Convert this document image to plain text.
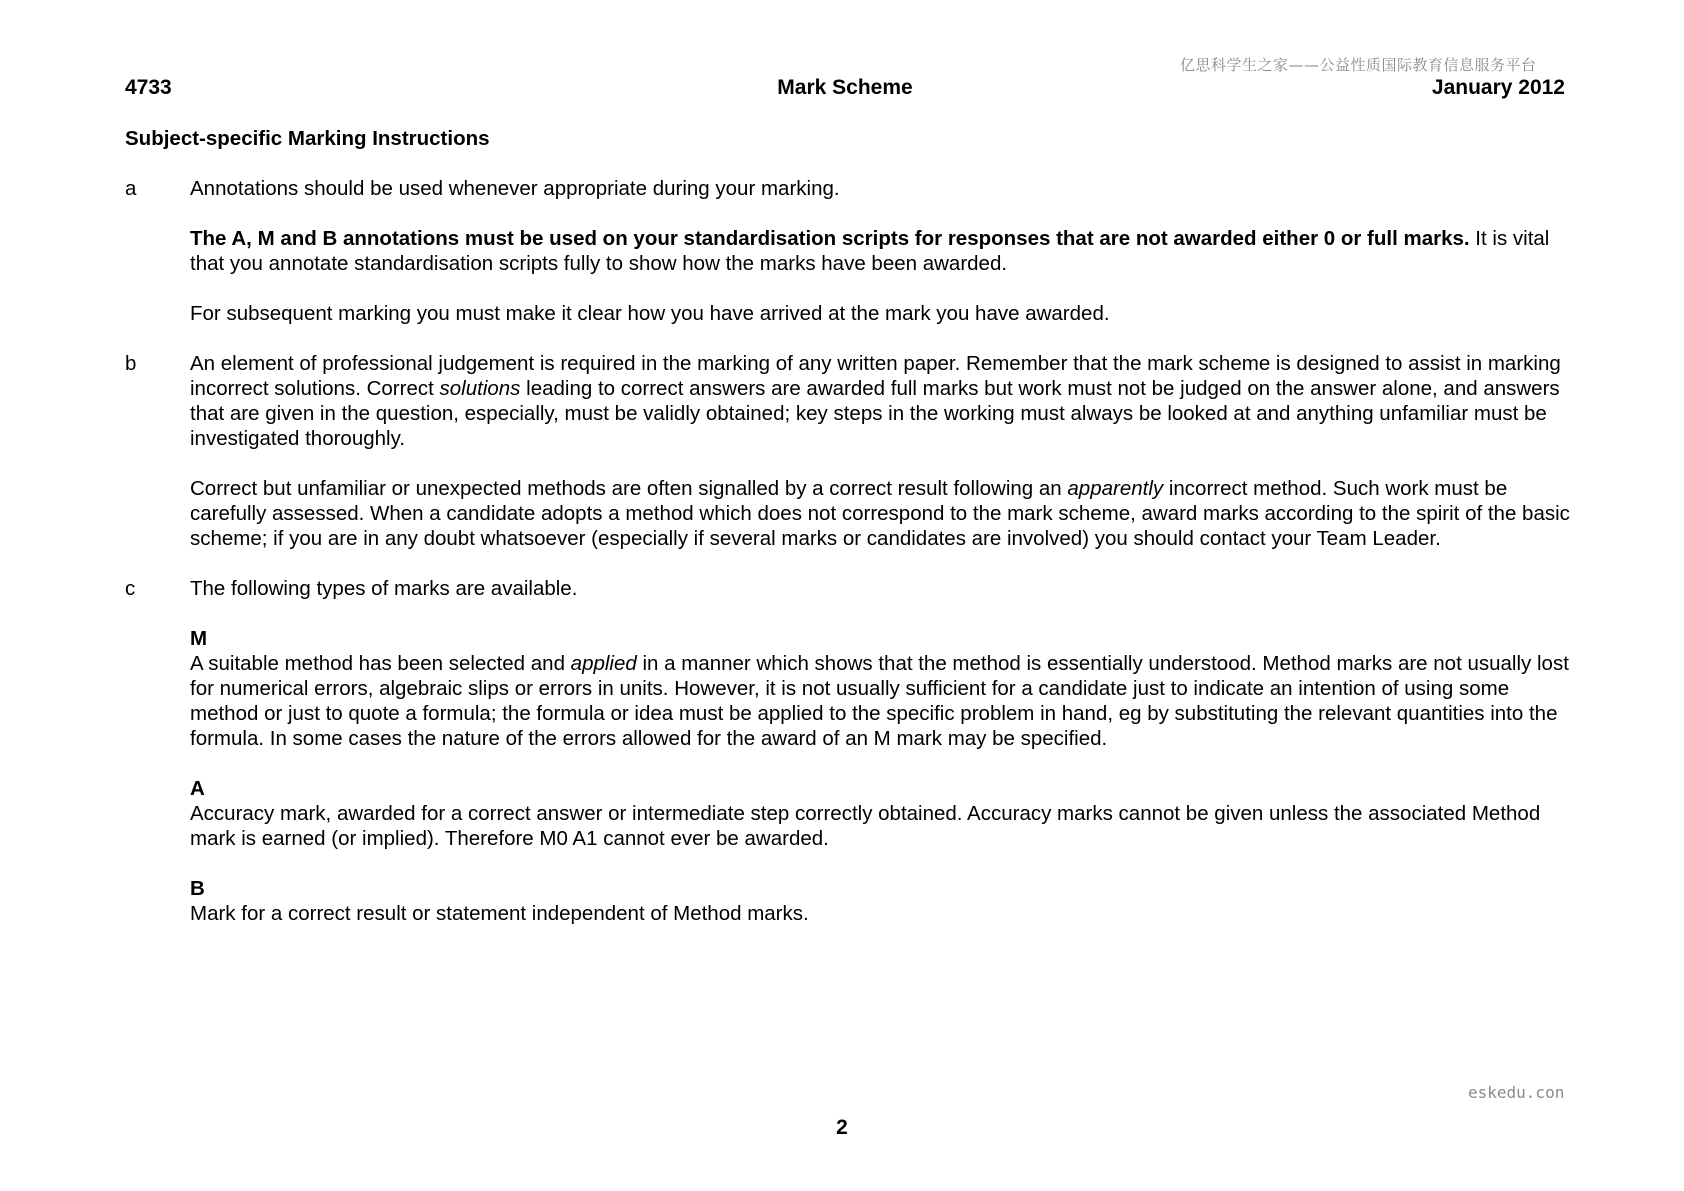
亿思科学生之家——公益性质国际教育信息服务平台
Mark Scheme
4733	January 2012

Subject-specific Marking Instructions

a	Annotations should be used whenever appropriate during your marking.

The A, M and B annotations must be used on your standardisation scripts for responses that are not awarded either 0 or full marks. It is vital that you annotate standardisation scripts fully to show how the marks have been awarded.

For subsequent marking you must make it clear how you have arrived at the mark you have awarded.

b	An element of professional judgement is required in the marking of any written paper. Remember that the mark scheme is designed to assist in marking incorrect solutions. Correct solutions leading to correct answers are awarded full marks but work must not be judged on the answer alone, and answers that are given in the question, especially, must be validly obtained; key steps in the working must always be looked at and anything unfamiliar must be investigated thoroughly.

Correct but unfamiliar or unexpected methods are often signalled by a correct result following an apparently incorrect method. Such work must be carefully assessed. When a candidate adopts a method which does not correspond to the mark scheme, award marks according to the spirit of the basic scheme; if you are in any doubt whatsoever (especially if several marks or candidates are involved) you should contact your Team Leader.

c	The following types of marks are available.

M

A suitable method has been selected and applied in a manner which shows that the method is essentially understood. Method marks are not usually lost for numerical errors, algebraic slips or errors in units. However, it is not usually sufficient for a candidate just to indicate an intention of using some method or just to quote a formula; the formula or idea must be applied to the specific problem in hand, eg by substituting the relevant quantities into the formula. In some cases the nature of the errors allowed for the award of an M mark may be specified.

A

Accuracy mark, awarded for a correct answer or intermediate step correctly obtained. Accuracy marks cannot be given unless the associated Method mark is earned (or implied). Therefore M0 A1 cannot ever be awarded.

B

Mark for a correct result or statement independent of Method marks.

eskedu.con
2
